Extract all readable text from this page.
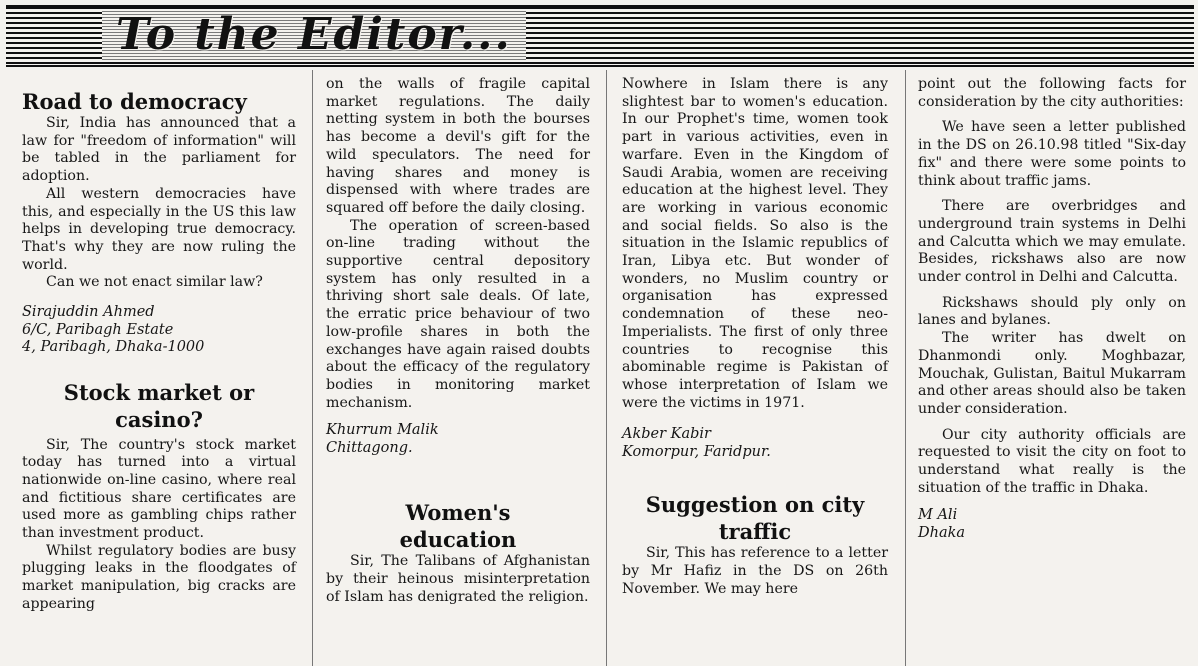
To the Editor...
Road to democracy

Sir, India has announced that a law for "freedom of information" will be tabled in the parliament for adoption.

All western democracies have this, and especially in the US this law helps in developing true democracy. That's why they are now ruling the world.

Can we not enact similar law?

Sirajuddin Ahmed

6/C, Paribagh Estate

4, Paribagh, Dhaka-1000

Stock market or
casino?

Sir, The country's stock market today has turned into a virtual nationwide on-line casino, where real and fictitious share certificates are used more as gambling chips rather than investment product.

Whilst regulatory bodies are busy plugging leaks in the floodgates of market manipulation, big cracks are appearing

on the walls of fragile capital market regulations. The daily netting system in both the bourses has become a devil's gift for the wild speculators. The need for having shares and money is dispensed with where trades are squared off before the daily closing.

The operation of screen-based on-line trading without the supportive central depository system has only resulted in a thriving short sale deals. Of late, the erratic price behaviour of two low-profile shares in both the exchanges have again raised doubts about the efficacy of the regulatory bodies in monitoring market mechanism.

Khurrum Malik

Chittagong.

Women's
education

Sir, The Talibans of Afghanistan by their heinous misinterpretation of Islam has denigrated the religion.

Nowhere in Islam there is any slightest bar to women's education. In our Prophet's time, women took part in various activities, even in warfare. Even in the Kingdom of Saudi Arabia, women are receiving education at the highest level. They are working in various economic and social fields. So also is the situation in the Islamic republics of Iran, Libya etc. But wonder of wonders, no Muslim country or organisation has expressed condemnation of these neo-Imperialists. The first of only three countries to recognise this abominable regime is Pakistan of whose interpretation of Islam we were the victims in 1971.

Akber Kabir

Komorpur, Faridpur.

Suggestion on city
traffic

Sir, This has reference to a letter by Mr Hafiz in the DS on 26th November. We may here

point out the following facts for consideration by the city authorities:

We have seen a letter published in the DS on 26.10.98 titled "Six-day fix" and there were some points to think about traffic jams.

There are overbridges and underground train systems in Delhi and Calcutta which we may emulate. Besides, rickshaws also are now under control in Delhi and Calcutta.

Rickshaws should ply only on lanes and bylanes.

The writer has dwelt on Dhanmondi only. Moghbazar, Mouchak, Gulistan, Baitul Mukarram and other areas should also be taken under consideration.

Our city authority officials are requested to visit the city on foot to understand what really is the situation of the traffic in Dhaka.

M Ali

Dhaka
